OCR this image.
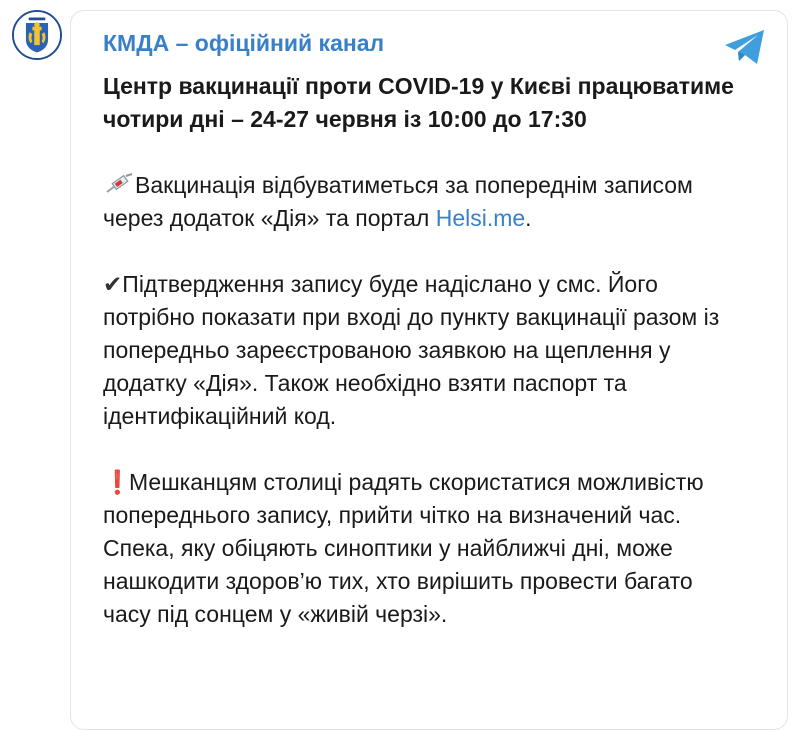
КМДА – офіційний канал
Центр вакцинації проти COVID-19 у Києві працюватиме чотири дні – 24-27 червня із 10:00 до 17:30
Вакцинація відбуватиметься за попереднім записом через додаток «Дія» та портал Helsi.me.
✔Підтвердження запису буде надіслано у смс. Його потрібно показати при вході до пункту вакцинації разом із попередньо зареєстрованою заявкою на щеплення у додатку «Дія». Також необхідно взяти паспорт та ідентифікаційний код.
❗Мешканцям столиці радять скористатися можливістю попереднього запису, прийти чітко на визначений час. Спека, яку обіцяють синоптики у найближчі дні, може нашкодити здоров’ю тих, хто вирішить провести багато часу під сонцем у «живій черзі».
